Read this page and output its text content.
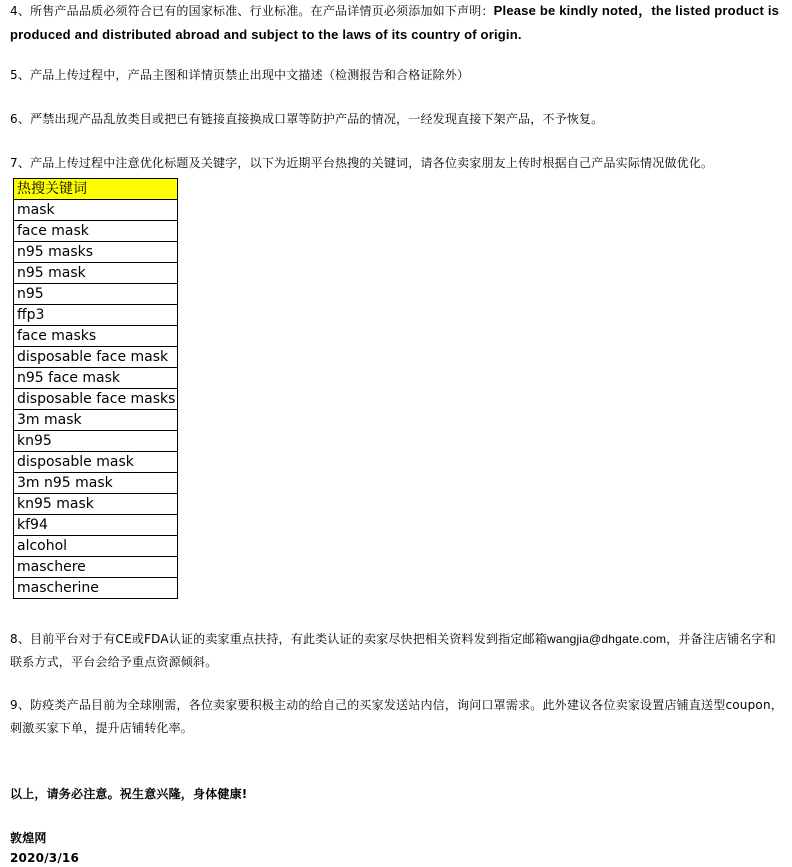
4、所售产品品质必须符合已有的国家标准、行业标准。在产品详情页必须添加如下声明：Please be kindly noted，the listed product is produced and distributed abroad and subject to the laws of its country of origin.
5、产品上传过程中，产品主图和详情页禁止出现中文描述（检测报告和合格证除外）
6、严禁出现产品乱放类目或把已有链接直接换成口罩等防护产品的情况，一经发现直接下架产品，不予恢复。
7、产品上传过程中注意优化标题及关键字，以下为近期平台热搜的关键词，请各位卖家朋友上传时根据自己产品实际情况做优化。
热搜关键词
mask
face mask
n95 masks
n95 mask
n95
ffp3
face masks
disposable face mask
n95 face mask
disposable face masks
3m mask
kn95
disposable mask
3m n95 mask
kn95 mask
kf94
alcohol
maschere
mascherine
8、目前平台对于有CE或FDA认证的卖家重点扶持，有此类认证的卖家尽快把相关资料发到指定邮箱wangjia@dhgate.com，并备注店铺名字和联系方式，平台会给予重点资源倾斜。
9、防疫类产品目前为全球刚需，各位卖家要积极主动的给自己的买家发送站内信，询问口罩需求。此外建议各位卖家设置店铺直送型coupon，刺激买家下单，提升店铺转化率。
以上，请务必注意。祝生意兴隆，身体健康!
敦煌网
2020/3/16
